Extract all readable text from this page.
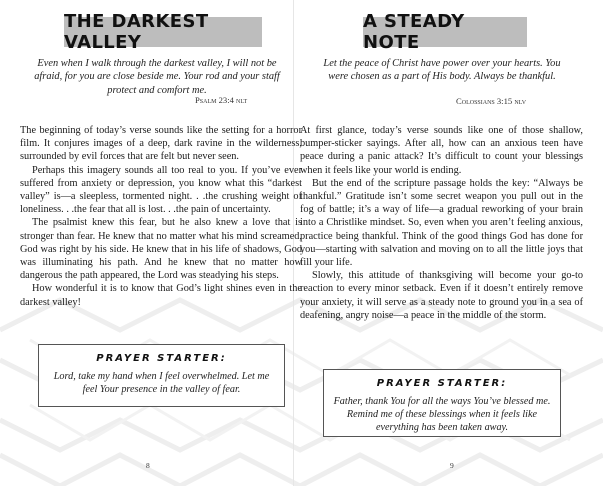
THE DARKEST VALLEY
Even when I walk through the darkest valley, I will not be afraid, for you are close beside me. Your rod and your staff protect and comfort me.
Psalm 23:4 nlt

The beginning of today’s verse sounds like the setting for a horror film. It conjures images of a deep, dark ravine in the wilderness, surrounded by evil forces that are felt but never seen.

Perhaps this imagery sounds all too real to you. If you’ve ever suffered from anxiety or depression, you know what this “darkest valley” is—a sleepless, tormented night. . .the crushing weight of loneliness. . .the fear that all is lost. . .the pain of uncertainty.

The psalmist knew this fear, but he also knew a love that is stronger than fear. He knew that no matter what his mind screamed, God was right by his side. He knew that in his life of shadows, God was illuminating his path. And he knew that no matter how dangerous the path appeared, the Lord was steadying his steps.

How wonderful it is to know that God’s light shines even in the darkest valley!

PRAYER STARTER:
Lord, take my hand when I feel overwhelmed. Let me feel Your presence in the valley of fear.
8
A STEADY NOTE
Let the peace of Christ have power over your hearts. You were chosen as a part of His body. Always be thankful.
Colossians 3:15 nlv

At first glance, today’s verse sounds like one of those shallow, bumper-sticker sayings. After all, how can an anxious teen have peace during a panic attack? It’s difficult to count your blessings when it feels like your world is ending.

But the end of the scripture passage holds the key: “Always be thankful.” Gratitude isn’t some secret weapon you pull out in the fog of battle; it’s a way of life—a gradual reworking of your brain into a Christlike mindset. So, even when you aren’t feeling anxious, practice being thankful. Think of the good things God has done for you—starting with salvation and moving on to all the little joys that fill your life.

Slowly, this attitude of thanksgiving will become your go-to reaction to every minor setback. Even if it doesn’t entirely remove your anxiety, it will serve as a steady note to ground you in a sea of deafening, angry noise—a peace in the middle of the storm.

PRAYER STARTER:
Father, thank You for all the ways You’ve blessed me. Remind me of these blessings when it feels like everything has been taken away.
9
